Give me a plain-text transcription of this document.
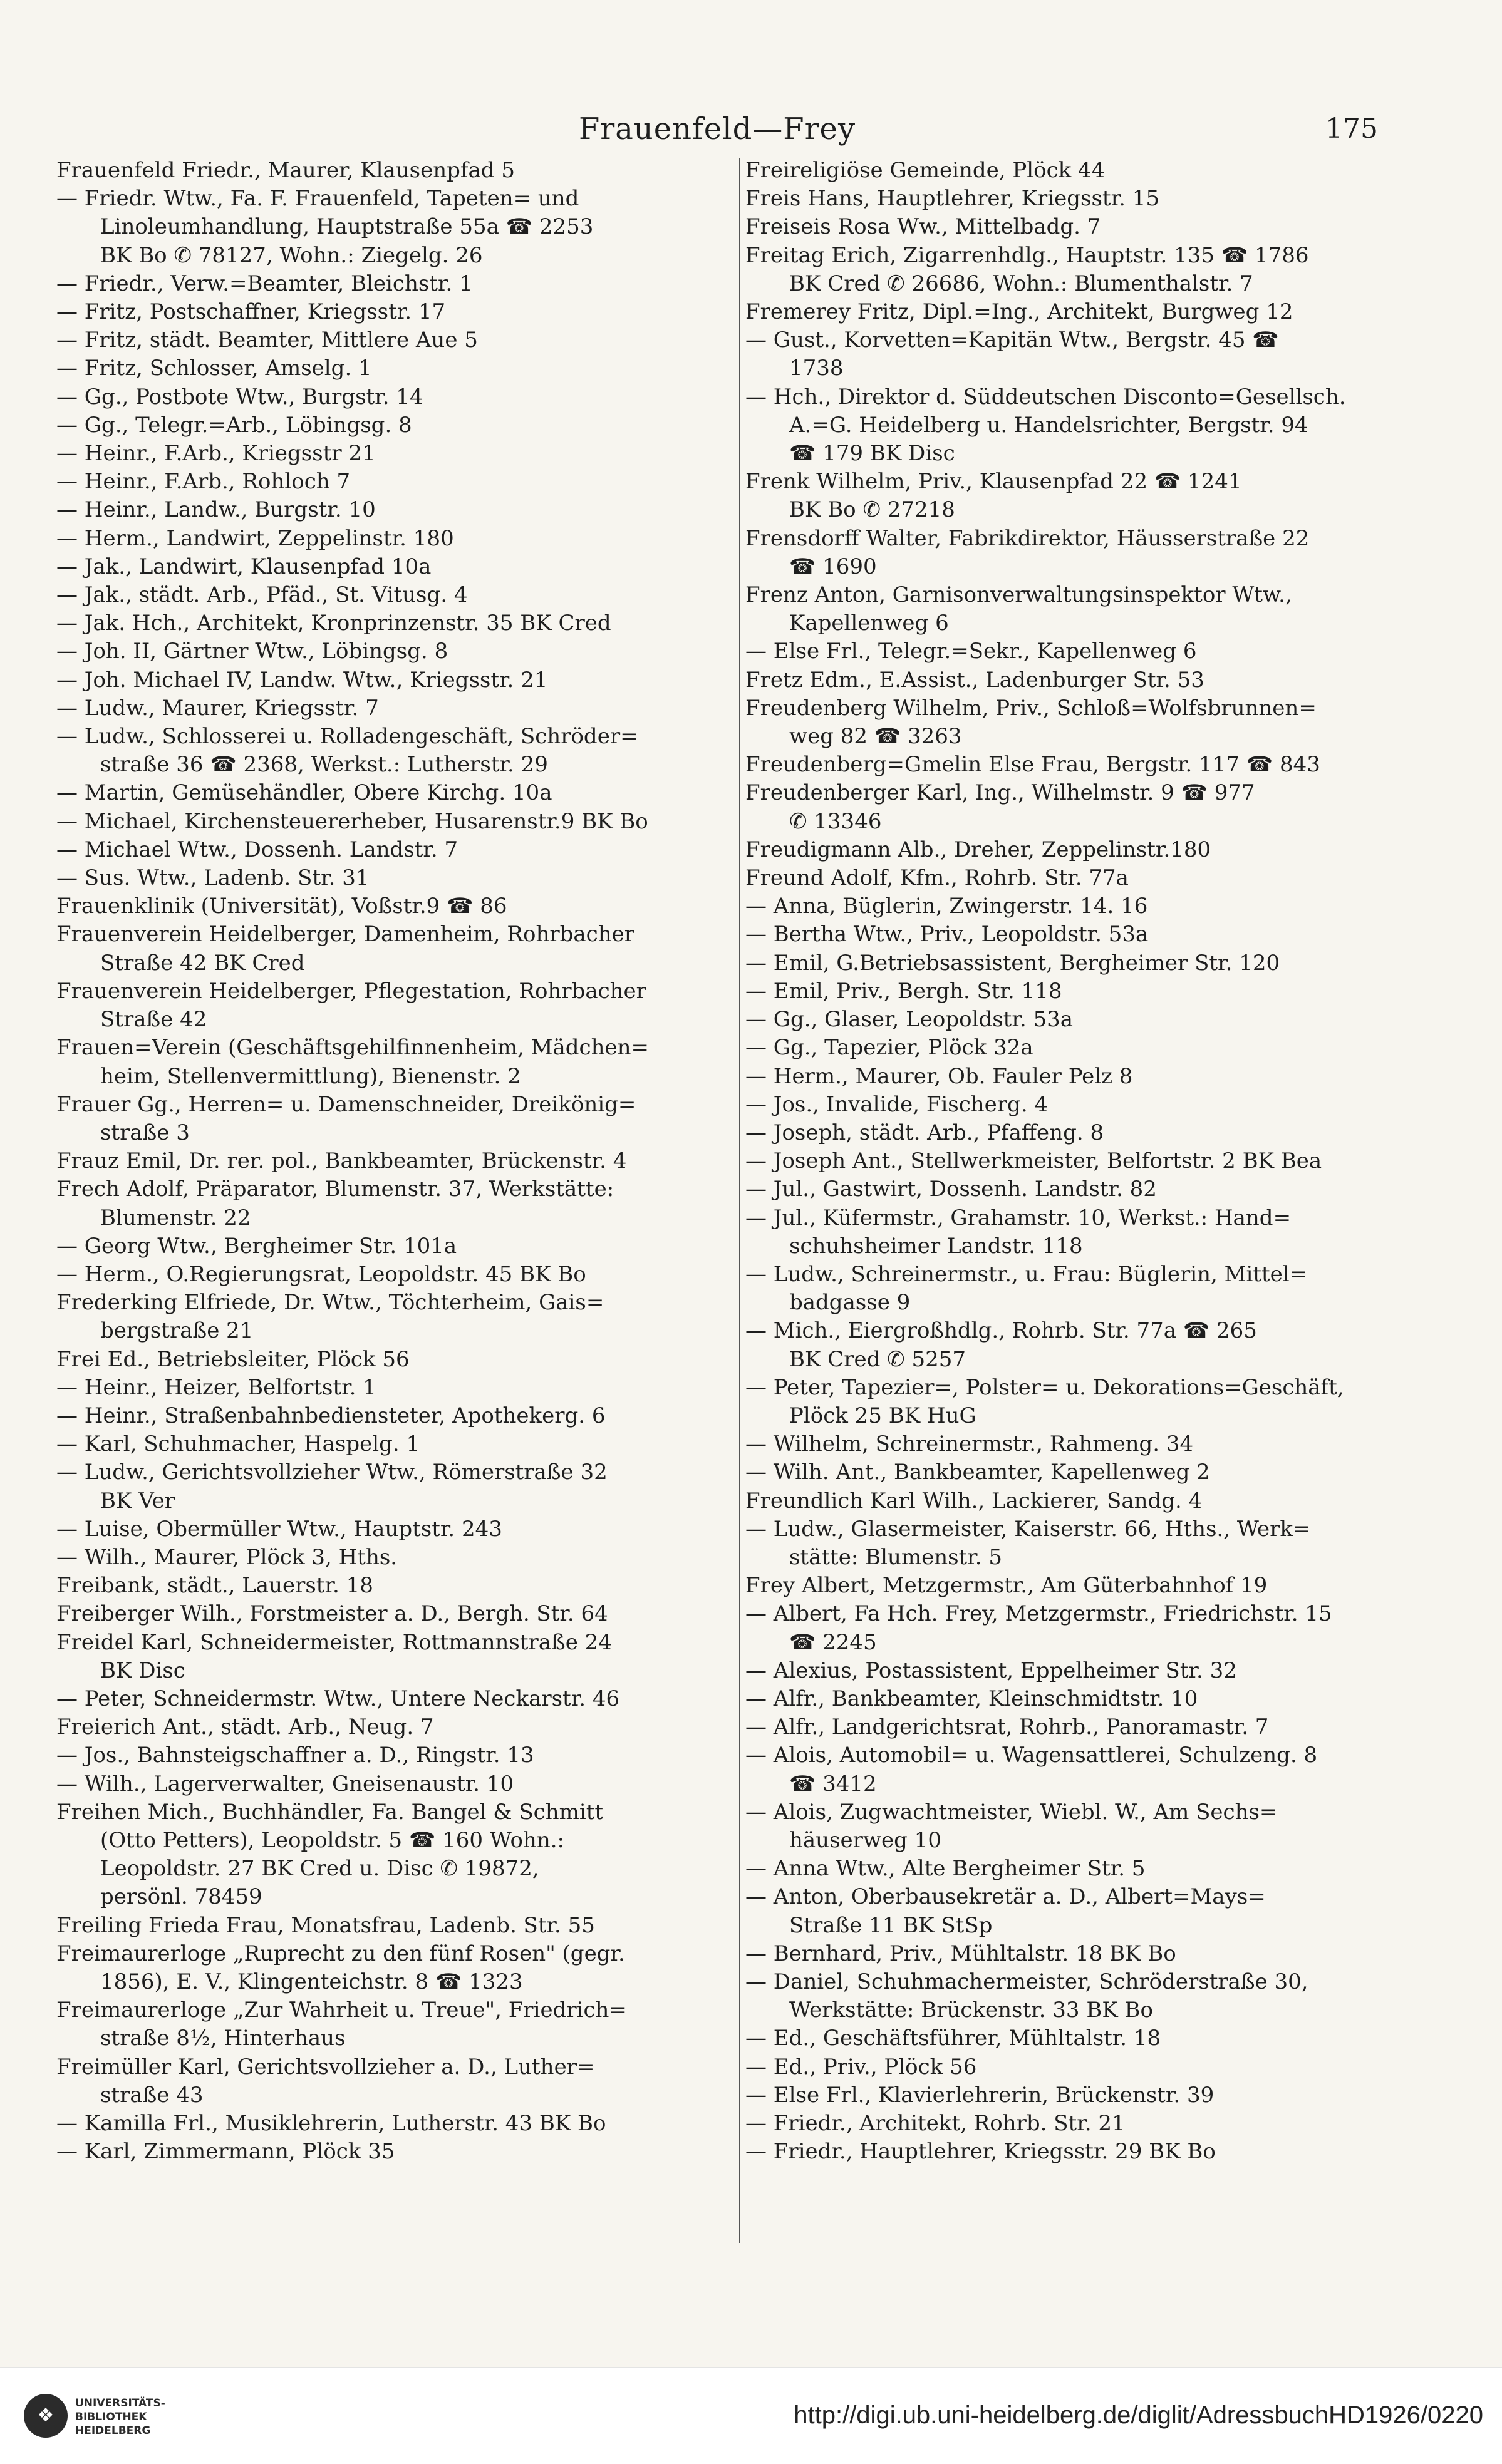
Frauenfeld—Frey	175
Frauenfeld Friedr., Maurer, Klausenpfad 5
— Friedr. Wtw., Fa. F. Frauenfeld, Tapeten= und
Linoleumhandlung, Hauptstraße 55a ☎ 2253
BK Bo ✆ 78127, Wohn.: Ziegelg. 26
— Friedr., Verw.=Beamter, Bleichstr. 1
— Fritz, Postschaffner, Kriegsstr. 17
— Fritz, städt. Beamter, Mittlere Aue 5
— Fritz, Schlosser, Amselg. 1
— Gg., Postbote Wtw., Burgstr. 14
— Gg., Telegr.=Arb., Löbingsg. 8
— Heinr., F.Arb., Kriegsstr 21
— Heinr., F.Arb., Rohloch 7
— Heinr., Landw., Burgstr. 10
— Herm., Landwirt, Zeppelinstr. 180
— Jak., Landwirt, Klausenpfad 10a
— Jak., städt. Arb., Pfäd., St. Vitusg. 4
— Jak. Hch., Architekt, Kronprinzenstr. 35 BK Cred
— Joh. II, Gärtner Wtw., Löbingsg. 8
— Joh. Michael IV, Landw. Wtw., Kriegsstr. 21
— Ludw., Maurer, Kriegsstr. 7
— Ludw., Schlosserei u. Rolladengeschäft, Schröder=
straße 36 ☎ 2368, Werkst.: Lutherstr. 29
— Martin, Gemüsehändler, Obere Kirchg. 10a
— Michael, Kirchensteuererheber, Husarenstr.9 BK Bo
— Michael Wtw., Dossenh. Landstr. 7
— Sus. Wtw., Ladenb. Str. 31
Frauenklinik (Universität), Voßstr.9 ☎ 86
Frauenverein Heidelberger, Damenheim, Rohrbacher
Straße 42 BK Cred
Frauenverein Heidelberger, Pflegestation, Rohrbacher
Straße 42
Frauen=Verein (Geschäftsgehilfinnenheim, Mädchen=
heim, Stellenvermittlung), Bienenstr. 2
Frauer Gg., Herren= u. Damenschneider, Dreikönig=
straße 3
Frauz Emil, Dr. rer. pol., Bankbeamter, Brückenstr. 4
Frech Adolf, Präparator, Blumenstr. 37, Werkstätte:
Blumenstr. 22
— Georg Wtw., Bergheimer Str. 101a
— Herm., O.Regierungsrat, Leopoldstr. 45 BK Bo
Frederking Elfriede, Dr. Wtw., Töchterheim, Gais=
bergstraße 21
Frei Ed., Betriebsleiter, Plöck 56
— Heinr., Heizer, Belfortstr. 1
— Heinr., Straßenbahnbediensteter, Apothekerg. 6
— Karl, Schuhmacher, Haspelg. 1
— Ludw., Gerichtsvollzieher Wtw., Römerstraße 32
BK Ver
— Luise, Obermüller Wtw., Hauptstr. 243
— Wilh., Maurer, Plöck 3, Hths.
Freibank, städt., Lauerstr. 18
Freiberger Wilh., Forstmeister a. D., Bergh. Str. 64
Freidel Karl, Schneidermeister, Rottmannstraße 24
BK Disc
— Peter, Schneidermstr. Wtw., Untere Neckarstr. 46
Freierich Ant., städt. Arb., Neug. 7
— Jos., Bahnsteigschaffner a. D., Ringstr. 13
— Wilh., Lagerverwalter, Gneisenaustr. 10
Freihen Mich., Buchhändler, Fa. Bangel & Schmitt
(Otto Petters), Leopoldstr. 5 ☎ 160 Wohn.:
Leopoldstr. 27 BK Cred u. Disc ✆ 19872,
persönl. 78459
Freiling Frieda Frau, Monatsfrau, Ladenb. Str. 55
Freimaurerloge „Ruprecht zu den fünf Rosen" (gegr.
1856), E. V., Klingenteichstr. 8 ☎ 1323
Freimaurerloge „Zur Wahrheit u. Treue", Friedrich=
straße 8½, Hinterhaus
Freimüller Karl, Gerichtsvollzieher a. D., Luther=
straße 43
— Kamilla Frl., Musiklehrerin, Lutherstr. 43 BK Bo
— Karl, Zimmermann, Plöck 35
Freireligiöse Gemeinde, Plöck 44
Freis Hans, Hauptlehrer, Kriegsstr. 15
Freiseis Rosa Ww., Mittelbadg. 7
Freitag Erich, Zigarrenhdlg., Hauptstr. 135 ☎ 1786
BK Cred ✆ 26686, Wohn.: Blumenthalstr. 7
Fremerey Fritz, Dipl.=Ing., Architekt, Burgweg 12
— Gust., Korvetten=Kapitän Wtw., Bergstr. 45 ☎
1738
— Hch., Direktor d. Süddeutschen Disconto=Gesellsch.
A.=G. Heidelberg u. Handelsrichter, Bergstr. 94
☎ 179 BK Disc
Frenk Wilhelm, Priv., Klausenpfad 22 ☎ 1241
BK Bo ✆ 27218
Frensdorff Walter, Fabrikdirektor, Häusserstraße 22
☎ 1690
Frenz Anton, Garnisonverwaltungsinspektor Wtw.,
Kapellenweg 6
— Else Frl., Telegr.=Sekr., Kapellenweg 6
Fretz Edm., E.Assist., Ladenburger Str. 53
Freudenberg Wilhelm, Priv., Schloß=Wolfsbrunnen=
weg 82 ☎ 3263
Freudenberg=Gmelin Else Frau, Bergstr. 117 ☎ 843
Freudenberger Karl, Ing., Wilhelmstr. 9 ☎ 977
✆ 13346
Freudigmann Alb., Dreher, Zeppelinstr.180
Freund Adolf, Kfm., Rohrb. Str. 77a
— Anna, Büglerin, Zwingerstr. 14. 16
— Bertha Wtw., Priv., Leopoldstr. 53a
— Emil, G.Betriebsassistent, Bergheimer Str. 120
— Emil, Priv., Bergh. Str. 118
— Gg., Glaser, Leopoldstr. 53a
— Gg., Tapezier, Plöck 32a
— Herm., Maurer, Ob. Fauler Pelz 8
— Jos., Invalide, Fischerg. 4
— Joseph, städt. Arb., Pfaffeng. 8
— Joseph Ant., Stellwerkmeister, Belfortstr. 2 BK Bea
— Jul., Gastwirt, Dossenh. Landstr. 82
— Jul., Küfermstr., Grahamstr. 10, Werkst.: Hand=
schuhsheimer Landstr. 118
— Ludw., Schreinermstr., u. Frau: Büglerin, Mittel=
badgasse 9
— Mich., Eiergroßhdlg., Rohrb. Str. 77a ☎ 265
BK Cred ✆ 5257
— Peter, Tapezier=, Polster= u. Dekorations=Geschäft,
Plöck 25 BK HuG
— Wilhelm, Schreinermstr., Rahmeng. 34
— Wilh. Ant., Bankbeamter, Kapellenweg 2
Freundlich Karl Wilh., Lackierer, Sandg. 4
— Ludw., Glasermeister, Kaiserstr. 66, Hths., Werk=
stätte: Blumenstr. 5
Frey Albert, Metzgermstr., Am Güterbahnhof 19
— Albert, Fa Hch. Frey, Metzgermstr., Friedrichstr. 15
☎ 2245
— Alexius, Postassistent, Eppelheimer Str. 32
— Alfr., Bankbeamter, Kleinschmidtstr. 10
— Alfr., Landgerichtsrat, Rohrb., Panoramastr. 7
— Alois, Automobil= u. Wagensattlerei, Schulzeng. 8
☎ 3412
— Alois, Zugwachtmeister, Wiebl. W., Am Sechs=
häuserweg 10
— Anna Wtw., Alte Bergheimer Str. 5
— Anton, Oberbausekretär a. D., Albert=Mays=
Straße 11 BK StSp
— Bernhard, Priv., Mühltalstr. 18 BK Bo
— Daniel, Schuhmachermeister, Schröderstraße 30,
Werkstätte: Brückenstr. 33 BK Bo
— Ed., Geschäftsführer, Mühltalstr. 18
— Ed., Priv., Plöck 56
— Else Frl., Klavierlehrerin, Brückenstr. 39
— Friedr., Architekt, Rohrb. Str. 21
— Friedr., Hauptlehrer, Kriegsstr. 29 BK Bo
❖
UNIVERSITÄTS-
BIBLIOTHEK
HEIDELBERG
http://digi.ub.uni-heidelberg.de/diglit/AdressbuchHD1926/0220
